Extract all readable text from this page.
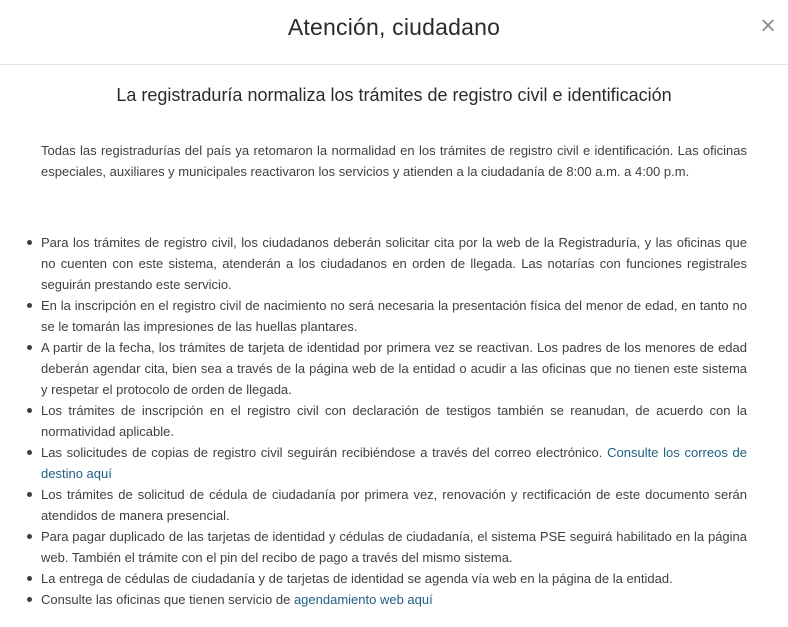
Atención, ciudadano	×
La registraduría normaliza los trámites de registro civil e identificación

Todas las registradurías del país ya retomaron la normalidad en los trámites de registro civil e identificación. Las oficinas especiales, auxiliares y municipales reactivaron los servicios y atienden a la ciudadanía de 8:00 a.m. a 4:00 p.m.

Para los trámites de registro civil, los ciudadanos deberán solicitar cita por la web de la Registraduría, y las oficinas que no cuenten con este sistema, atenderán a los ciudadanos en orden de llegada. Las notarías con funciones registrales seguirán prestando este servicio.
En la inscripción en el registro civil de nacimiento no será necesaria la presentación física del menor de edad, en tanto no se le tomarán las impresiones de las huellas plantares.
A partir de la fecha, los trámites de tarjeta de identidad por primera vez se reactivan. Los padres de los menores de edad deberán agendar cita, bien sea a través de la página web de la entidad o acudir a las oficinas que no tienen este sistema y respetar el protocolo de orden de llegada.
Los trámites de inscripción en el registro civil con declaración de testigos también se reanudan, de acuerdo con la normatividad aplicable.
Las solicitudes de copias de registro civil seguirán recibiéndose a través del correo electrónico. Consulte los correos de destino aquí
Los trámites de solicitud de cédula de ciudadanía por primera vez, renovación y rectificación de este documento serán atendidos de manera presencial.
Para pagar duplicado de las tarjetas de identidad y cédulas de ciudadanía, el sistema PSE seguirá habilitado en la página web. También el trámite con el pin del recibo de pago a través del mismo sistema.
La entrega de cédulas de ciudadanía y de tarjetas de identidad se agenda vía web en la página de la entidad.
Consulte las oficinas que tienen servicio de agendamiento web aquí
